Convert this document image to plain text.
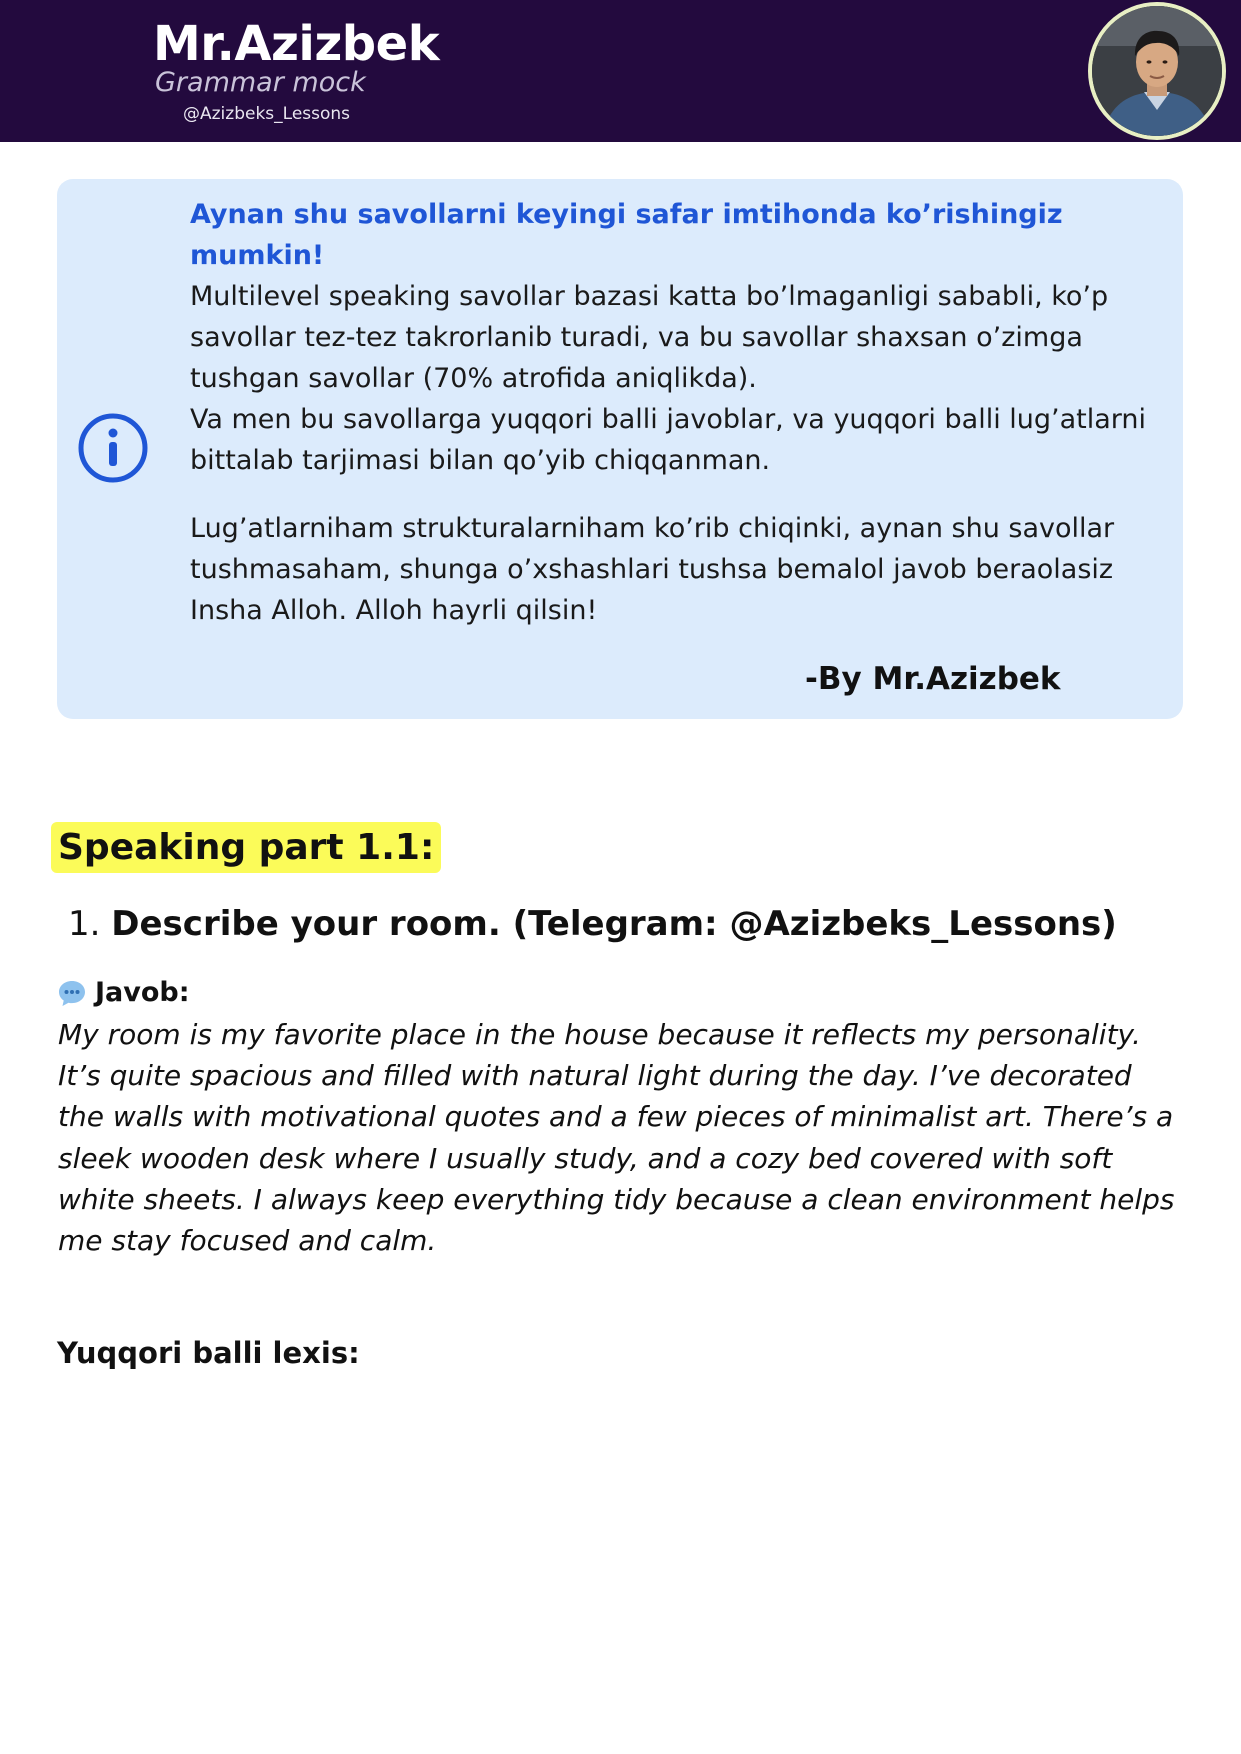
Mr.Azizbek
Grammar mock
@Azizbeks_Lessons
Aynan shu savollarni keyingi safar imtihonda ko’rishingiz mumkin!
Multilevel speaking savollar bazasi katta bo’lmaganligi sababli, ko’p
savollar tez-tez takrorlanib turadi, va bu savollar shaxsan o’zimga
tushgan savollar (70% atrofida aniqlikda).
Va men bu savollarga yuqqori balli javoblar, va yuqqori balli lug’atlarni
bittalab tarjimasi bilan qo’yib chiqqanman.
Lug’atlarniham strukturalarniham ko’rib chiqinki, aynan shu savollar
tushmasaham, shunga o’xshashlari tushsa bemalol javob beraolasiz
Insha Alloh. Alloh hayrli qilsin!
-By Mr.Azizbek
Speaking part 1.1:
1. Describe your room. (Telegram: @Azizbeks_Lessons)
Javob:
My room is my favorite place in the house because it reflects my personality.
It’s quite spacious and filled with natural light during the day. I’ve decorated
the walls with motivational quotes and a few pieces of minimalist art. There’s a
sleek wooden desk where I usually study, and a cozy bed covered with soft
white sheets. I always keep everything tidy because a clean environment helps
me stay focused and calm.
Yuqqori balli lexis:
